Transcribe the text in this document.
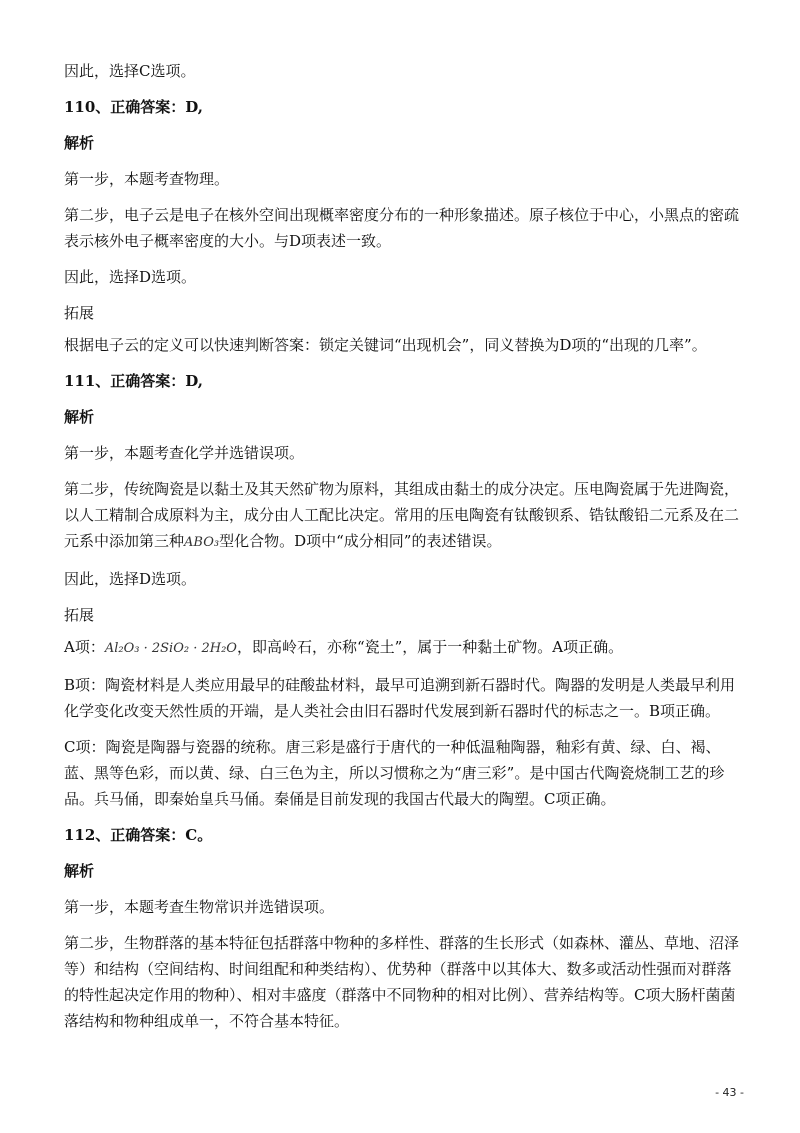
因此，选择C选项。

110、正确答案：D,

解析

第一步，本题考查物理。

第二步，电子云是电子在核外空间出现概率密度分布的一种形象描述。原子核位于中心，小黑点的密疏表示核外电子概率密度的大小。与D项表述一致。

因此，选择D选项。

拓展

根据电子云的定义可以快速判断答案：锁定关键词“出现机会”，同义替换为D项的“出现的几率”。

111、正确答案：D,

解析

第一步，本题考查化学并选错误项。

第二步，传统陶瓷是以黏土及其天然矿物为原料，其组成由黏土的成分决定。压电陶瓷属于先进陶瓷，以人工精制合成原料为主，成分由人工配比决定。常用的压电陶瓷有钛酸钡系、锆钛酸铅二元系及在二元系中添加第三种ABO₃型化合物。D项中“成分相同”的表述错误。

因此，选择D选项。

拓展

A项：Al₂O₃ · 2SiO₂ · 2H₂O，即高岭石，亦称“瓷土”，属于一种黏土矿物。A项正确。

B项：陶瓷材料是人类应用最早的硅酸盐材料，最早可追溯到新石器时代。陶器的发明是人类最早利用化学变化改变天然性质的开端，是人类社会由旧石器时代发展到新石器时代的标志之一。B项正确。

C项：陶瓷是陶器与瓷器的统称。唐三彩是盛行于唐代的一种低温釉陶器，釉彩有黄、绿、白、褐、蓝、黑等色彩，而以黄、绿、白三色为主，所以习惯称之为“唐三彩”。是中国古代陶瓷烧制工艺的珍品。兵马俑，即秦始皇兵马俑。秦俑是目前发现的我国古代最大的陶塑。C项正确。

112、正确答案：C。

解析

第一步，本题考查生物常识并选错误项。

第二步，生物群落的基本特征包括群落中物种的多样性、群落的生长形式（如森林、灌丛、草地、沼泽等）和结构（空间结构、时间组配和种类结构）、优势种（群落中以其体大、数多或活动性强而对群落的特性起决定作用的物种）、相对丰盛度（群落中不同物种的相对比例）、营养结构等。C项大肠杆菌菌落结构和物种组成单一，不符合基本特征。

- 43 -
